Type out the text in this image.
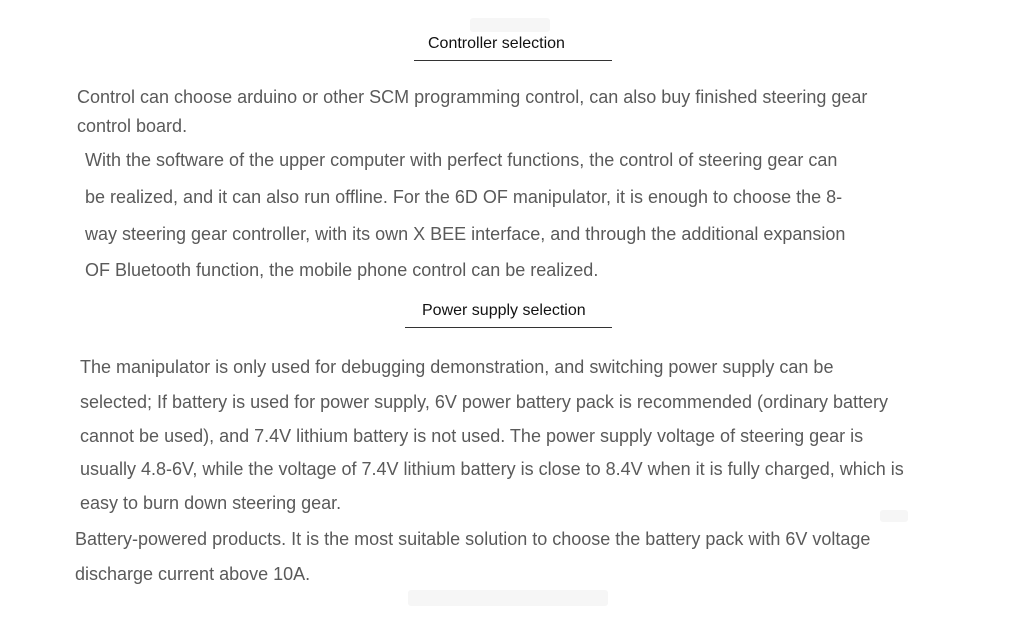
Controller selection
Control can choose arduino or other SCM programming control, can also buy finished steering gear
control board.
With the software of the upper computer with perfect functions, the control of steering gear can
be realized, and it can also run offline. For the 6D OF manipulator, it is enough to choose the 8-
way steering gear controller, with its own X BEE interface, and through the additional expansion
OF Bluetooth function, the mobile phone control can be realized.
Power supply selection
The manipulator is only used for debugging demonstration, and switching power supply can be
selected; If battery is used for power supply, 6V power battery pack is recommended (ordinary battery
cannot be used), and 7.4V lithium battery is not used. The power supply voltage of steering gear is
usually 4.8-6V, while the voltage of 7.4V lithium battery is close to 8.4V when it is fully charged, which is
easy to burn down steering gear.
Battery-powered products. It is the most suitable solution to choose the battery pack with 6V voltage
discharge current above 10A.
